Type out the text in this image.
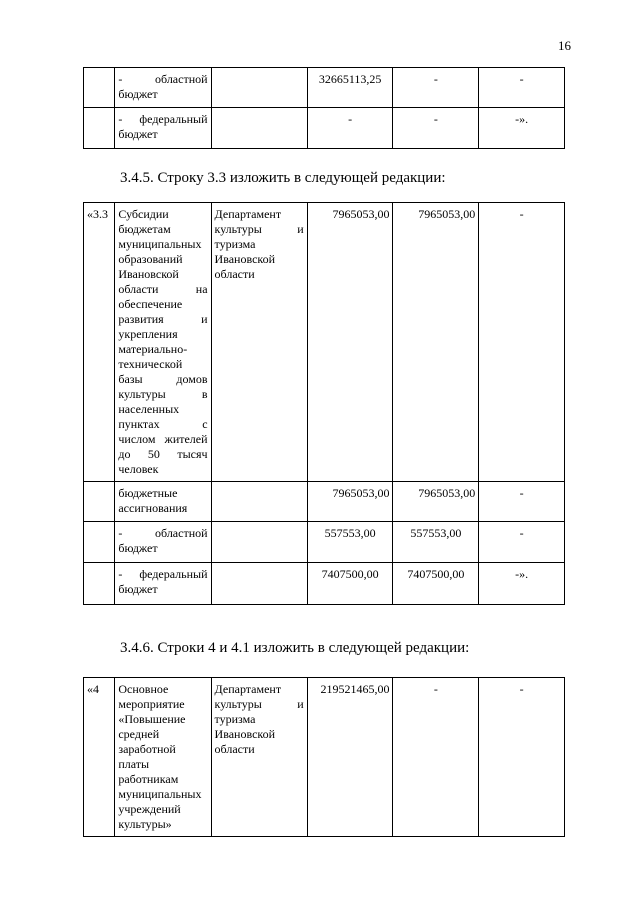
16
	- областной бюджет		32665113,25	-	-
	- федеральный бюджет		-	-	-».
3.4.5. Строку 3.3 изложить в следующей редакции:
«3.3	Субсидии бюджетам муниципальных образований Ивановской области на обеспечение развития и укрепления материально-технической базы домов культуры в населенных пунктах с числом жителей до 50 тысяч человек	Департамент культуры и туризма Ивановской области	7965053,00	7965053,00	-
	бюджетные ассигнования		7965053,00	7965053,00	-
	- областной бюджет		557553,00	557553,00	-
	- федеральный бюджет		7407500,00	7407500,00	-».
3.4.6. Строки 4 и 4.1 изложить в следующей редакции:
«4	Основное мероприятие «Повышение средней заработной платы работникам муниципальных учреждений культуры»	Департамент культуры и туризма Ивановской области	219521465,00	-	-
